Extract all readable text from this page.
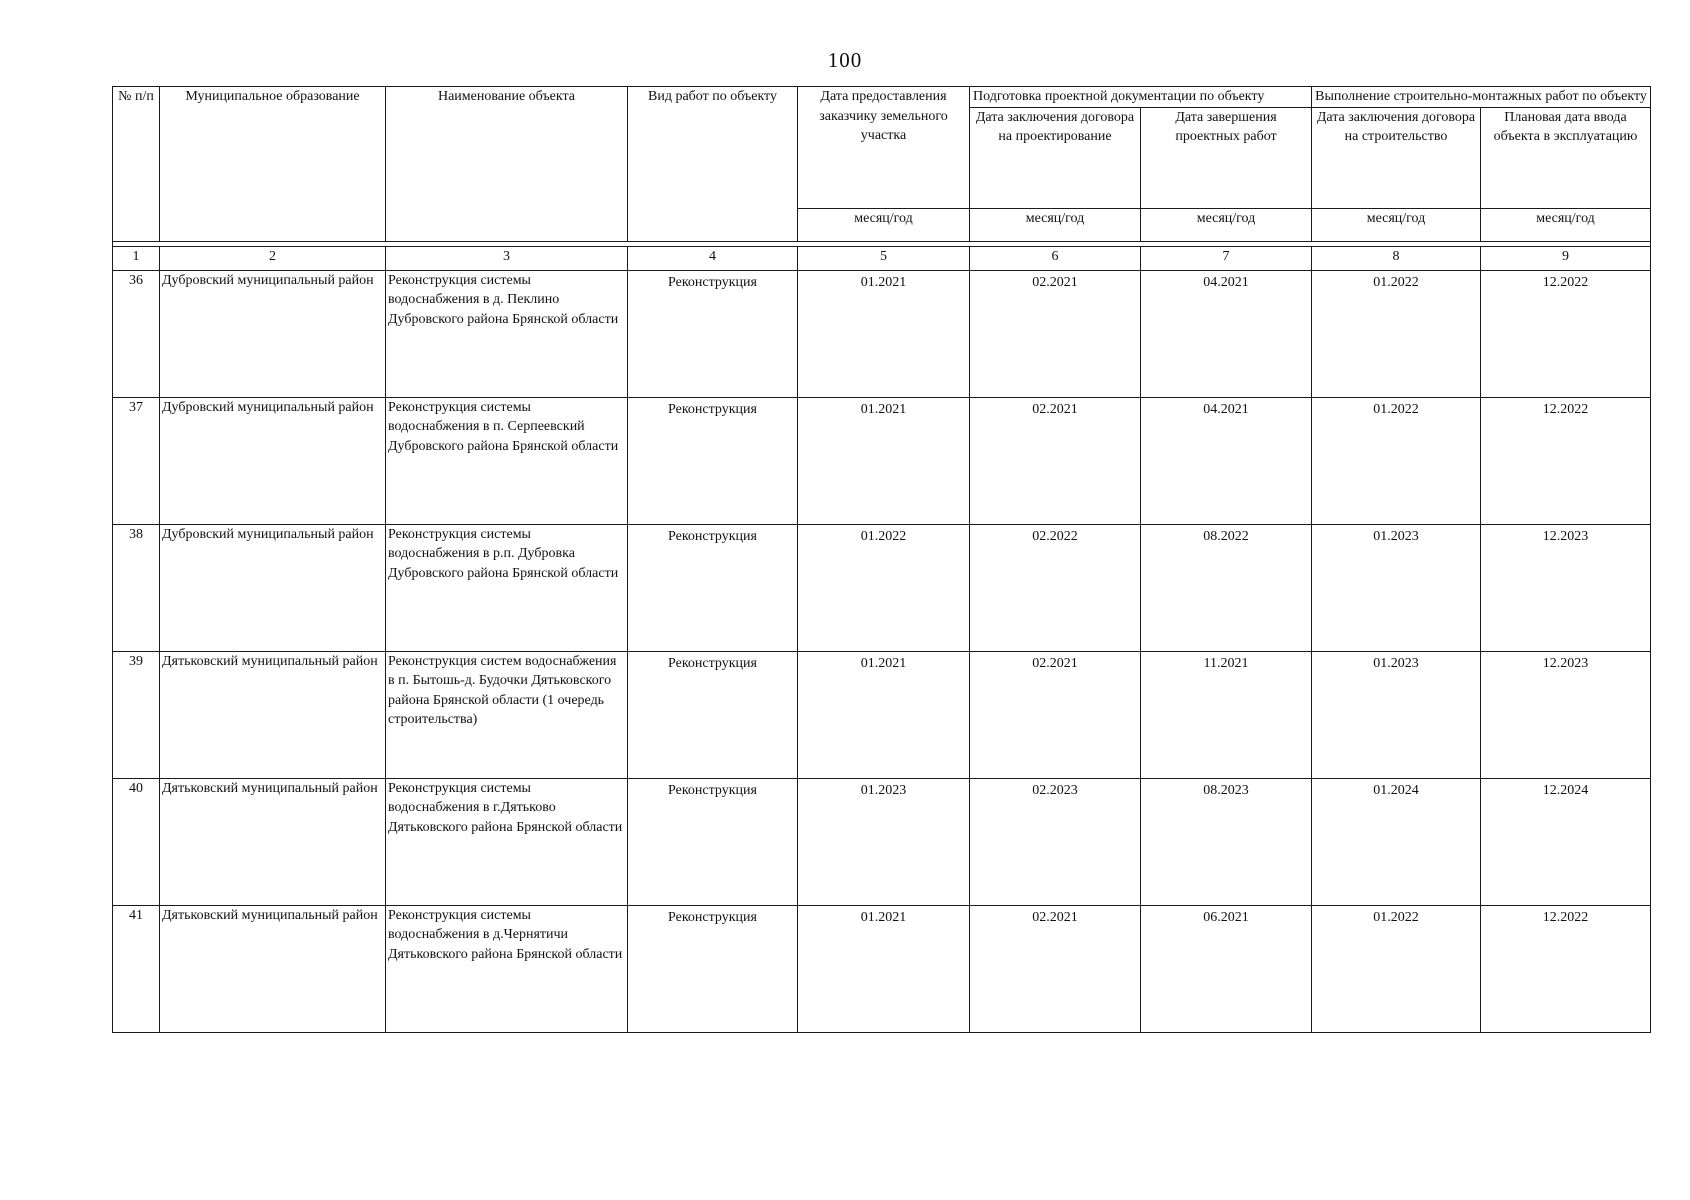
100
№ п/п	Муниципальное образование	Наименование объекта	Вид работ по объекту	Дата предоставления заказчику земельного участка	Подготовка проектной документации по объекту		Выполнение строительно-монтажных работ по объекту	
					Дата заключения договора на проектирование	Дата завершения проектных работ	Дата заключения договора на строительство	Плановая дата ввода объекта в эксплуатацию
				месяц/год	месяц/год	месяц/год	месяц/год	месяц/год

1	2	3	4	5	6	7	8	9
36	Дубровский муниципальный район	Реконструкция системы водоснабжения в д. Пеклино Дубровского района Брянской области	Реконструкция	01.2021	02.2021	04.2021	01.2022	12.2022
37	Дубровский муниципальный район	Реконструкция системы водоснабжения в п. Серпеевский Дубровского района Брянской области	Реконструкция	01.2021	02.2021	04.2021	01.2022	12.2022
38	Дубровский муниципальный район	Реконструкция системы водоснабжения в р.п. Дубровка Дубровского района Брянской области	Реконструкция	01.2022	02.2022	08.2022	01.2023	12.2023
39	Дятьковский муниципальный район	Реконструкция систем водоснабжения в п. Бытошь-д. Будочки Дятьковского района Брянской области (1 очередь строительства)	Реконструкция	01.2021	02.2021	11.2021	01.2023	12.2023
40	Дятьковский муниципальный район	Реконструкция системы водоснабжения в г.Дятьково Дятьковского района Брянской области	Реконструкция	01.2023	02.2023	08.2023	01.2024	12.2024
41	Дятьковский муниципальный район	Реконструкция системы водоснабжения в д.Чернятичи Дятьковского района Брянской области	Реконструкция	01.2021	02.2021	06.2021	01.2022	12.2022
